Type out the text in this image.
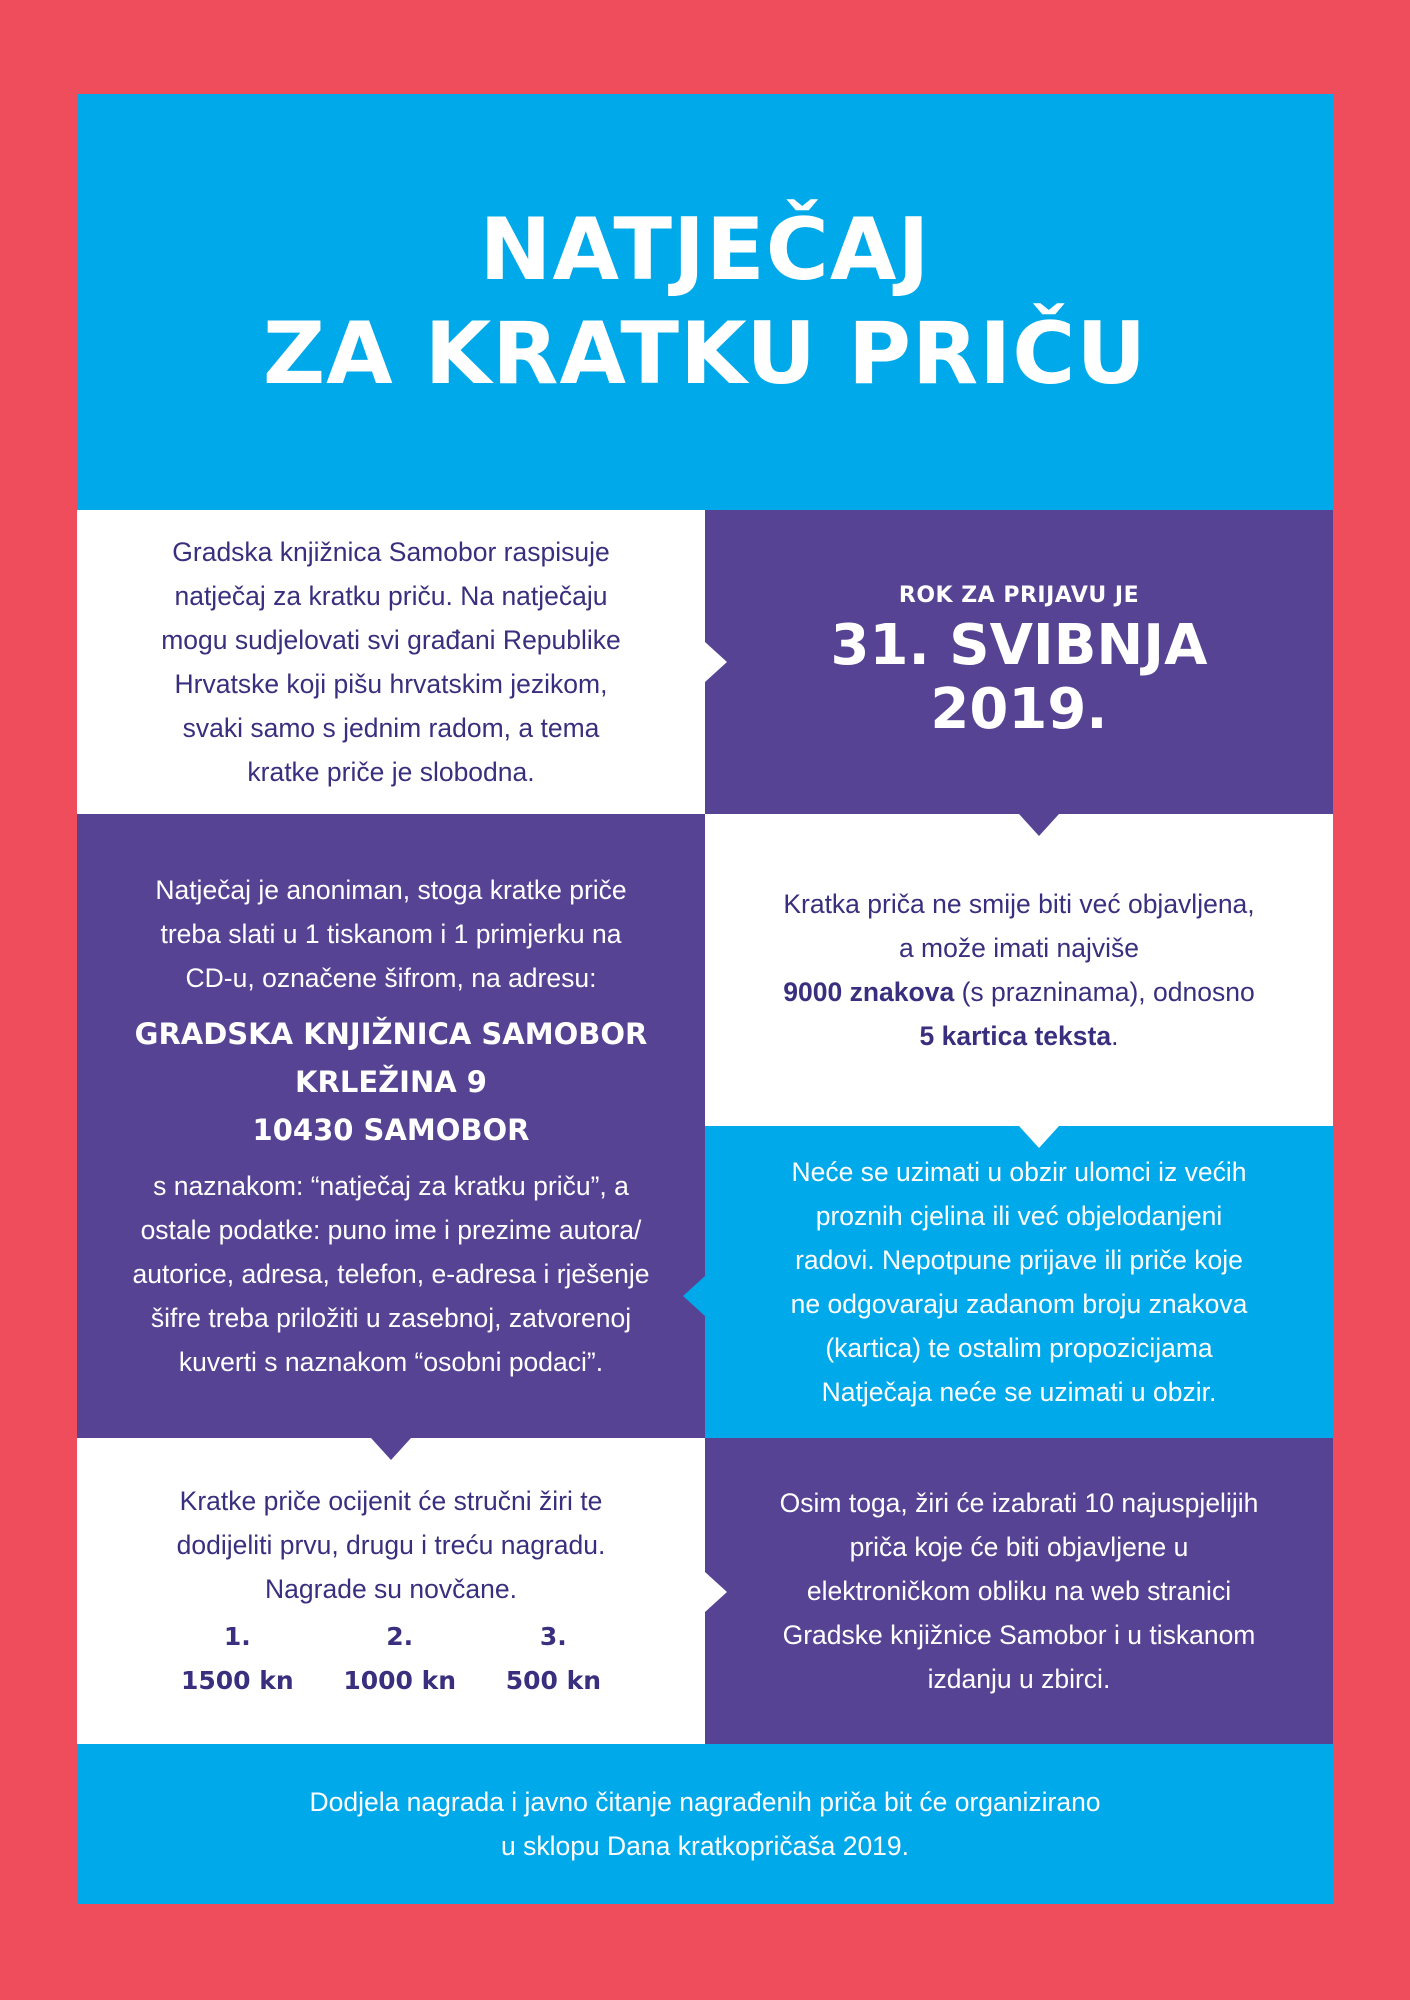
NATJEČAJ
ZA KRATKU PRIČU
Gradska knjižnica Samobor raspisuje
natječaj za kratku priču. Na natječaju
mogu sudjelovati svi građani Republike
Hrvatske koji pišu hrvatskim jezikom,
svaki samo s jednim radom, a tema
kratke priče je slobodna.
ROK ZA PRIJAVU JE
31. SVIBNJA
2019.
Natječaj je anoniman, stoga kratke priče
treba slati u 1 tiskanom i 1 primjerku na
CD-u, označene šifrom, na adresu:
GRADSKA KNJIŽNICA SAMOBOR
KRLEŽINA 9
10430 SAMOBOR
s naznakom: “natječaj za kratku priču”, a
ostale podatke: puno ime i prezime autora/
autorice, adresa, telefon, e-adresa i rješenje
šifre treba priložiti u zasebnoj, zatvorenoj
kuverti s naznakom “osobni podaci”.
Kratka priča ne smije biti već objavljena,
a može imati najviše
9000 znakova (s prazninama), odnosno
5 kartica teksta.
Neće se uzimati u obzir ulomci iz većih
proznih cjelina ili već objelodanjeni
radovi. Nepotpune prijave ili priče koje
ne odgovaraju zadanom broju znakova
(kartica) te ostalim propozicijama
Natječaja neće se uzimati u obzir.
Kratke priče ocijenit će stručni žiri te
dodijeliti prvu, drugu i treću nagradu.
Nagrade su novčane.
1.
1500 kn
2.
1000 kn
3.
500 kn
Osim toga, žiri će izabrati 10 najuspjelijih
priča koje će biti objavljene u
elektroničkom obliku na web stranici
Gradske knjižnice Samobor i u tiskanom
izdanju u zbirci.
Dodjela nagrada i javno čitanje nagrađenih priča bit će organizirano
u sklopu Dana kratkopričaša 2019.
